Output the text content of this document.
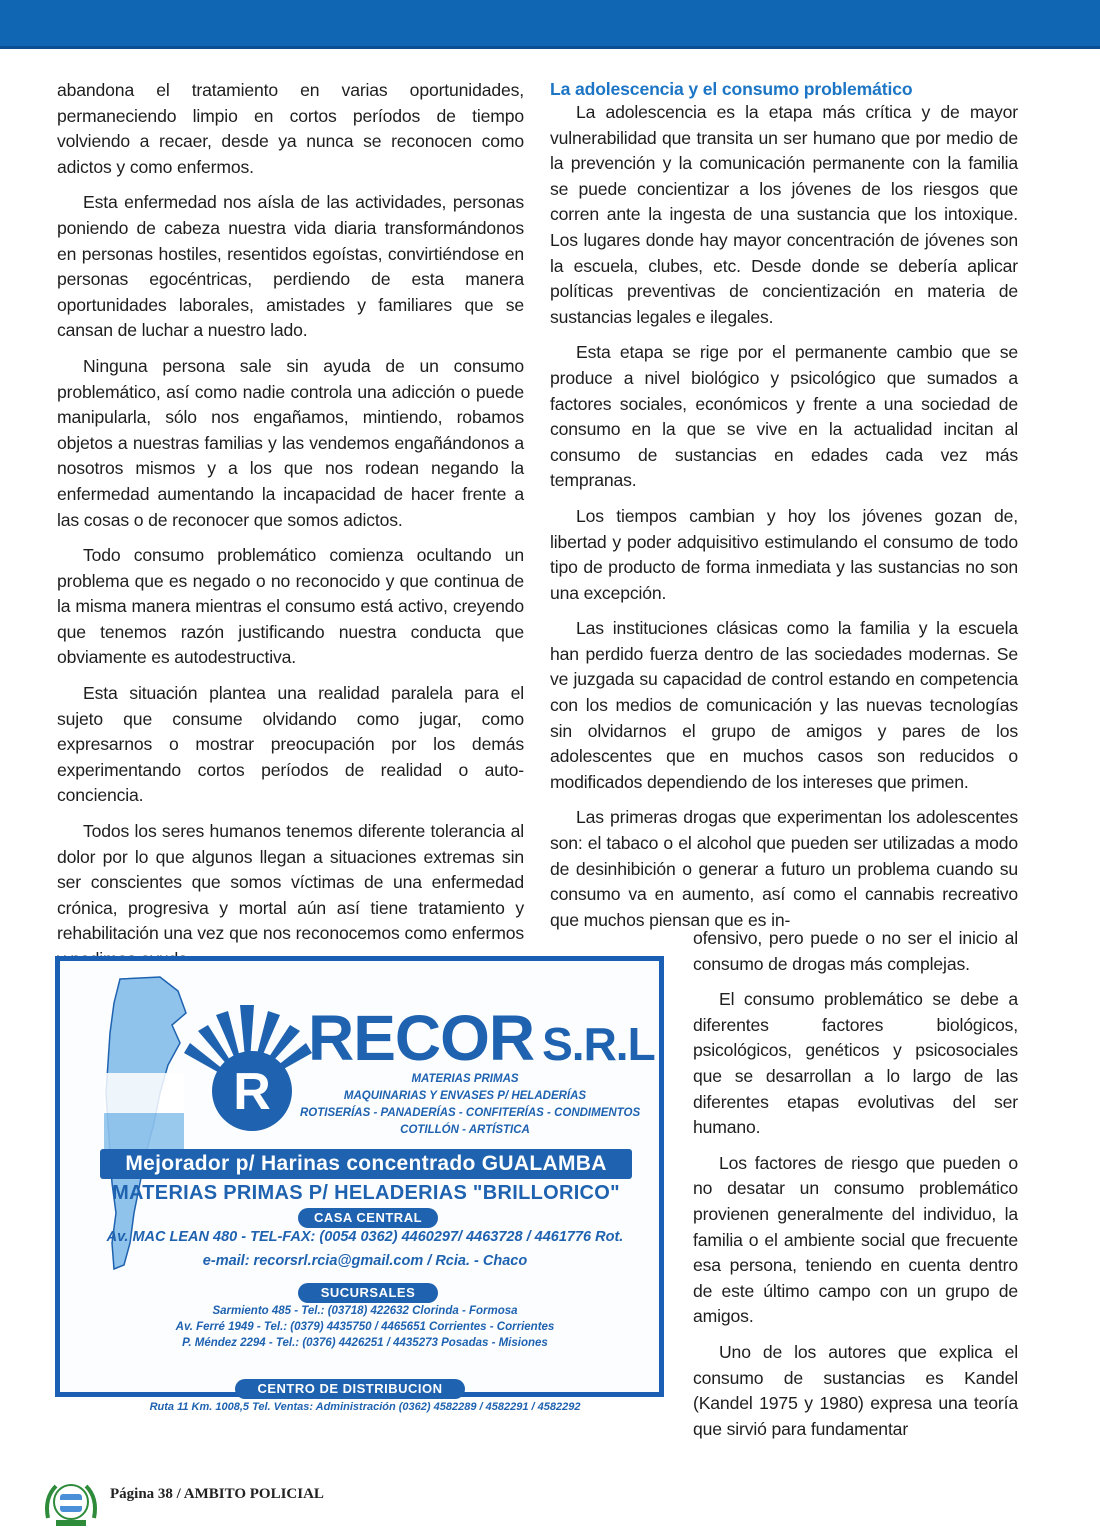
abandona el tratamiento en varias oportunidades, permaneciendo limpio en cortos períodos de tiempo volviendo a recaer, desde ya nunca se reconocen como adictos y como enfermos.

Esta enfermedad nos aísla de las actividades, personas poniendo de cabeza nuestra vida diaria transformándonos en personas hostiles, resentidos egoístas, convirtiéndose en personas egocéntricas, perdiendo de esta manera oportunidades laborales, amistades y familiares que se cansan de luchar a nuestro lado.

Ninguna persona sale sin ayuda de un consumo problemático, así como nadie controla una adicción o puede manipularla, sólo nos engañamos, mintiendo, robamos objetos a nuestras familias y las vendemos engañándonos a nosotros mismos y a los que nos rodean negando la enfermedad aumentando la incapacidad de hacer frente a las cosas o de reconocer que somos adictos.

Todo consumo problemático comienza ocultando un problema que es negado o no reconocido y que continua de la misma manera mientras el consumo está activo, creyendo que tenemos razón justificando nuestra conducta que obviamente es autodestructiva.

Esta situación plantea una realidad paralela para el sujeto que consume olvidando como jugar, como expresarnos o mostrar preocupación por los demás experimentando cortos períodos de realidad o auto-conciencia.

Todos los seres humanos tenemos diferente tolerancia al dolor por lo que algunos llegan a situaciones extremas sin ser conscientes que somos víctimas de una enfermedad crónica, progresiva y mortal aún así tiene tratamiento y rehabilitación una vez que nos reconocemos como enfermos

La adolescencia y el consumo problemático

La adolescencia es la etapa más crítica y de mayor vulnerabilidad que transita un ser humano que por medio de la prevención y la comunicación permanente con la familia se puede concientizar a los jóvenes de los riesgos que corren ante la ingesta de una sustancia que los intoxique. Los lugares donde hay mayor concentración de jóvenes son la escuela, clubes, etc. Desde donde se debería aplicar políticas preventivas de concientización en materia de sustancias legales e ilegales.

Esta etapa se rige por el permanente cambio que se produce a nivel biológico y psicológico que sumados a factores sociales, económicos y frente a una sociedad de consumo en la que se vive en la actualidad incitan al consumo de sustancias en edades cada vez más tempranas.

Los tiempos cambian y hoy los jóvenes gozan de, libertad y poder adquisitivo estimulando el consumo de todo tipo de producto de forma inmediata y las sustancias no son una excepción.

Las instituciones clásicas como la familia y la escuela han perdido fuerza dentro de las sociedades modernas. Se ve juzgada su capacidad de control estando en competencia con los medios de comunicación y las nuevas tecnologías sin olvidarnos el grupo de amigos y pares de los adolescentes que en muchos casos son reducidos o modificados dependiendo de los intereses que primen.

Las primeras drogas que experimentan los adolescentes son: el tabaco o el alcohol que pueden ser utilizadas a modo de desinhibición o generar a futuro un problema cuando su consumo va en aumento, así como el cannabis recreativo que muchos piensan que es in-

ofensivo, pero puede o no ser el inicio al consumo de drogas más complejas.

El consumo problemático se debe a diferentes factores biológicos, psicológicos, genéticos y psicosociales que se desarrollan a lo largo de las diferentes etapas evolutivas del ser humano.

Los factores de riesgo que pueden o no desatar un consumo problemático provienen generalmente del individuo, la familia o el ambiente social que frecuente esa persona, teniendo en cuenta dentro de este último campo con un grupo de amigos.

Uno de los autores que explica el consumo de sustancias es Kandel (Kandel 1975 y 1980) expresa una teoría que sirvió para fundamentar

R
RECOR S.R.L
MATERIAS PRIMAS
MAQUINARIAS Y ENVASES P/ HELADERÍAS
ROTISERÍAS - PANADERÍAS - CONFITERÍAS - CONDIMENTOS
COTILLÓN - ARTÍSTICA
Mejorador p/ Harinas concentrado GUALAMBA
MATERIAS PRIMAS P/ HELADERIAS "BRILLORICO"
CASA CENTRAL
Av. MAC LEAN 480 - TEL-FAX: (0054 0362) 4460297/ 4463728 / 4461776 Rot.
e-mail: recorsrl.rcia@gmail.com / Rcia. - Chaco
SUCURSALES
Sarmiento 485 - Tel.: (03718) 422632 Clorinda - Formosa
Av. Ferré 1949 - Tel.: (0379) 4435750 / 4465651 Corrientes - Corrientes
P. Méndez 2294 - Tel.: (0376) 4426251 / 4435273 Posadas - Misiones
CENTRO DE DISTRIBUCION
Ruta 11 Km. 1008,5 Tel. Ventas: Administración (0362) 4582289 / 4582291 / 4582292
Página 38 / AMBITO POLICIAL
